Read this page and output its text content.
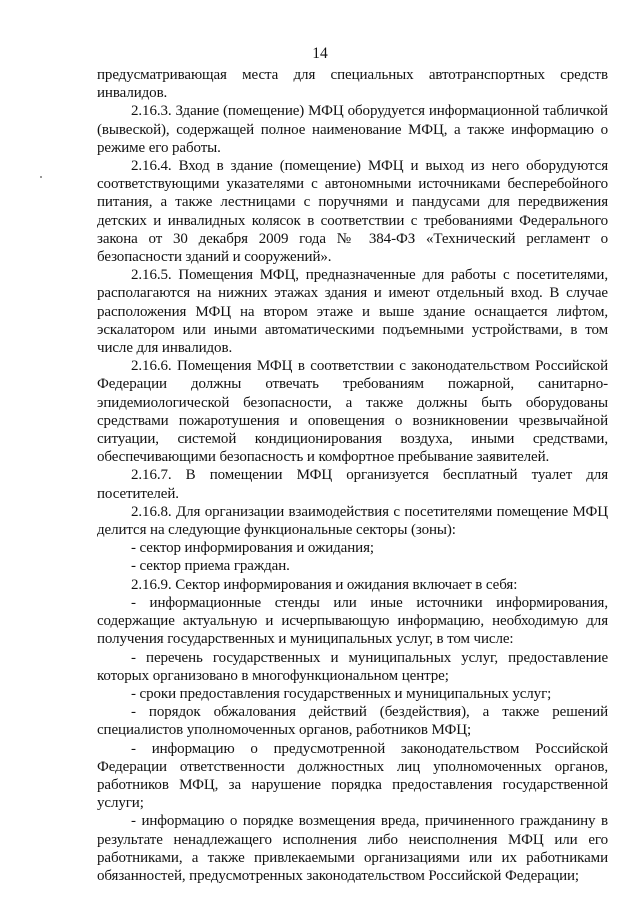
14

предусматривающая места для специальных автотранспортных средств инвалидов.

2.16.3. Здание (помещение) МФЦ оборудуется информационной табличкой (вывеской), содержащей полное наименование МФЦ, а также информацию о режиме его работы.

2.16.4. Вход в здание (помещение) МФЦ и выход из него оборудуются соответствующими указателями с автономными источниками бесперебойного питания, а также лестницами с поручнями и пандусами для передвижения детских и инвалидных колясок в соответствии с требованиями Федерального закона от 30 декабря 2009 года № 384-ФЗ «Технический регламент о безопасности зданий и сооружений».

2.16.5. Помещения МФЦ, предназначенные для работы с посетителями, располагаются на нижних этажах здания и имеют отдельный вход. В случае расположения МФЦ на втором этаже и выше здание оснащается лифтом, эскалатором или иными автоматическими подъемными устройствами, в том числе для инвалидов.

2.16.6. Помещения МФЦ в соответствии с законодательством Российской Федерации должны отвечать требованиям пожарной, санитарно-эпидемиологической безопасности, а также должны быть оборудованы средствами пожаротушения и оповещения о возникновении чрезвычайной ситуации, системой кондиционирования воздуха, иными средствами, обеспечивающими безопасность и комфортное пребывание заявителей.

2.16.7. В помещении МФЦ организуется бесплатный туалет для посетителей.

2.16.8. Для организации взаимодействия с посетителями помещение МФЦ делится на следующие функциональные секторы (зоны):

- сектор информирования и ожидания;

- сектор приема граждан.

2.16.9. Сектор информирования и ожидания включает в себя:

- информационные стенды или иные источники информирования, содержащие актуальную и исчерпывающую информацию, необходимую для получения государственных и муниципальных услуг, в том числе:

- перечень государственных и муниципальных услуг, предоставление которых организовано в многофункциональном центре;

- сроки предоставления государственных и муниципальных услуг;

- порядок обжалования действий (бездействия), а также решений специалистов уполномоченных органов, работников МФЦ;

- информацию о предусмотренной законодательством Российской Федерации ответственности должностных лиц уполномоченных органов, работников МФЦ, за нарушение порядка предоставления государственной услуги;

- информацию о порядке возмещения вреда, причиненного гражданину в результате ненадлежащего исполнения либо неисполнения МФЦ или его работниками, а также привлекаемыми организациями или их работниками обязанностей, предусмотренных законодательством Российской Федерации;
